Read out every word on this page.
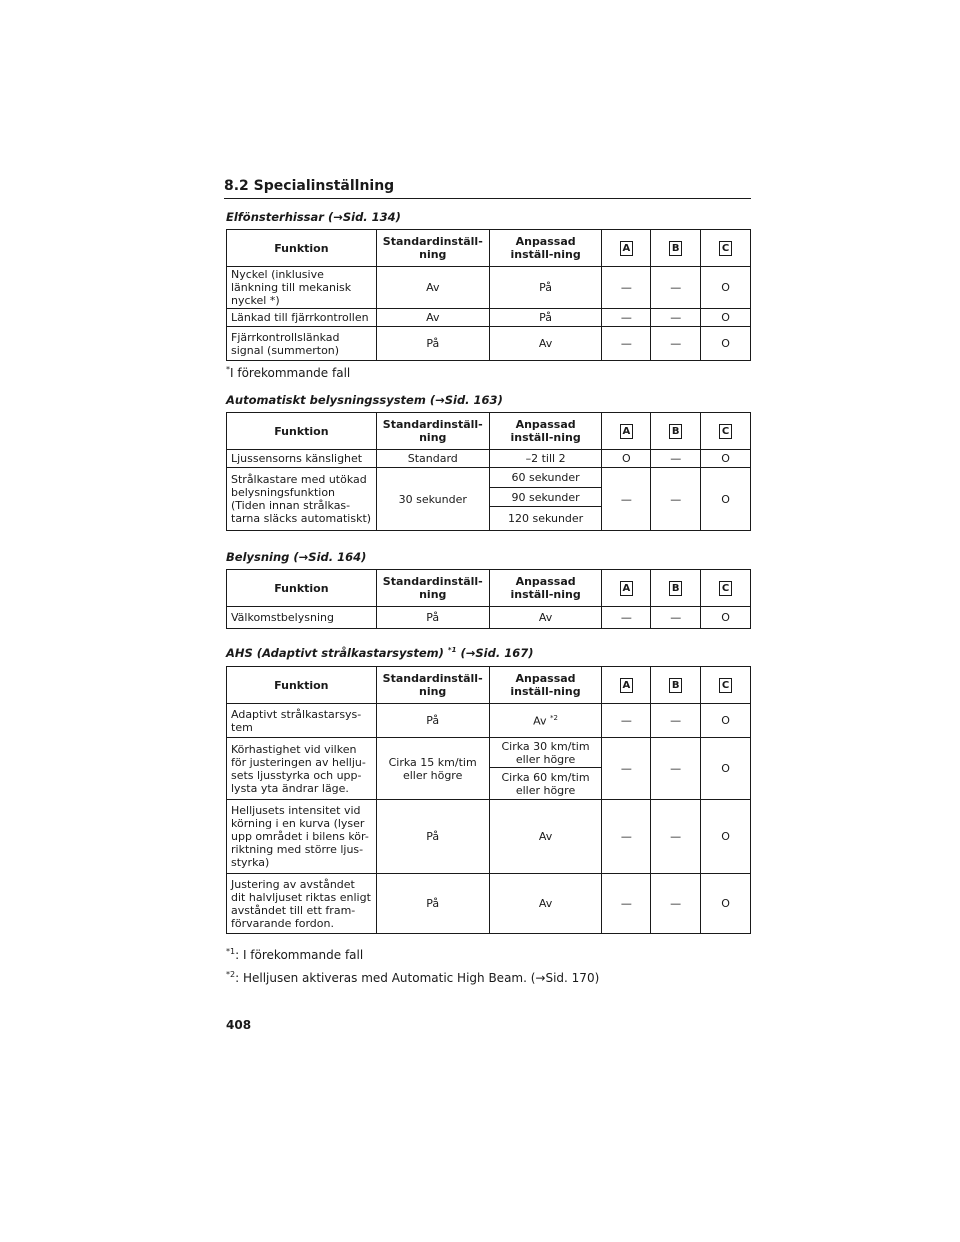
8.2 Specialinställning
Elfönsterhissar (→Sid. 134)
Funktion	Standardinställ-ning	Anpassad inställ-ning	A	B	C
Nyckel (inklusive länkning till mekanisk nyckel *)	Av	På	—	—	O
Länkad till fjärrkontrollen	Av	På	—	—	O
Fjärrkontrollslänkad signal (summerton)	På	Av	—	—	O
*I förekommande fall
Automatiskt belysningssystem (→Sid. 163)
Funktion	Standardinställ-ning	Anpassad inställ-ning	A	B	C
Ljussensorns känslighet	Standard	–2 till 2	O	—	O
Strålkastare med utökad belysningsfunktion (Tiden innan strålkas-tarna släcks automatiskt)	30 sekunder	60 sekunder	—	—	O
		90 sekunder			
		120 sekunder			
Belysning (→Sid. 164)
Funktion	Standardinställ-ning	Anpassad inställ-ning	A	B	C
Välkomstbelysning	På	Av	—	—	O
AHS (Adaptivt strålkastarsystem) $^{*1}$ (→Sid. 167)
Funktion	Standardinställ-ning	Anpassad inställ-ning	A	B	C
Adaptivt strålkastarsys-tem	På	Av $^{*2}$	—	—	O
Körhastighet vid vilken för justeringen av hellju-sets ljusstyrka och upp-lysta yta ändrar läge.	Cirka 15 km/tim eller högre	Cirka 30 km/tim eller högre	—	—	O
		Cirka 60 km/tim eller högre			
Helljusets intensitet vid körning i en kurva (lyser upp området i bilens kör-riktning med större ljus-styrka)	På	Av	—	—	O
Justering av avståndet dit halvljuset riktas enligt avståndet till ett fram-förvarande fordon.	På	Av	—	—	O
$^{*1}$: I förekommande fall
$^{*2}$: Helljusen aktiveras med Automatic High Beam. (→Sid. 170)
408
